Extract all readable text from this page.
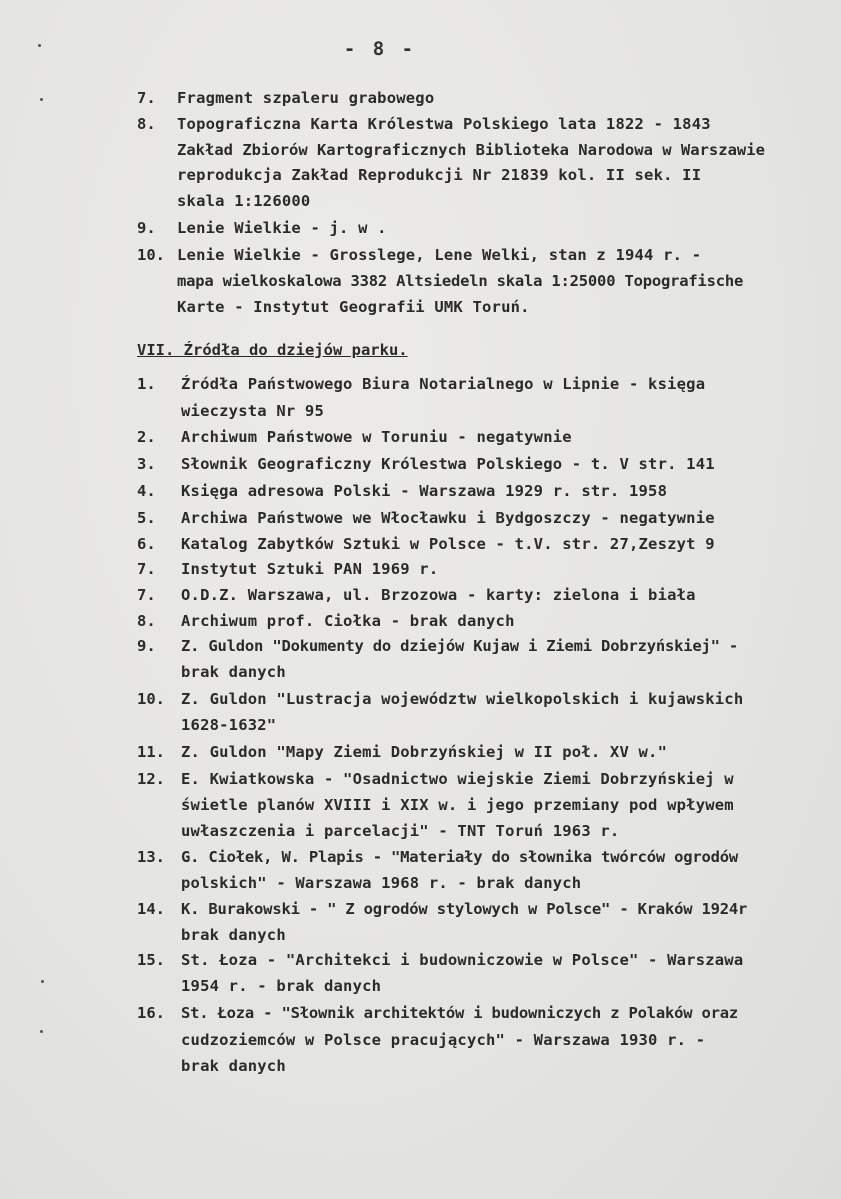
- 8 -
7. Fragment szpaleru grabowego
8. Topograficzna Karta Królestwa Polskiego lata 1822 - 1843
Zakład Zbiorów Kartograficznych Biblioteka Narodowa w Warszawie
reprodukcja Zakład Reprodukcji Nr 21839 kol. II sek. II
skala 1:126000
9. Lenie Wielkie - j. w .
10. Lenie Wielkie - Grosslege, Lene Welki, stan z 1944 r. -
mapa wielkoskalowa 3382 Altsiedeln skala 1:25000 Topografische
Karte - Instytut Geografii UMK Toruń.
VII. Źródła do dziejów parku.
1. Źródła Państwowego Biura Notarialnego w Lipnie - księga
wieczysta Nr 95
2. Archiwum Państwowe w Toruniu - negatywnie
3. Słownik Geograficzny Królestwa Polskiego - t. V str. 141
4. Księga adresowa Polski - Warszawa 1929 r. str. 1958
5. Archiwa Państwowe we Włocławku i Bydgoszczy - negatywnie
6. Katalog Zabytków Sztuki w Polsce - t.V. str. 27,Zeszyt 9
7. Instytut Sztuki PAN 1969 r.
7. O.D.Z. Warszawa, ul. Brzozowa - karty: zielona i biała
8. Archiwum prof. Ciołka - brak danych
9. Z. Guldon "Dokumenty do dziejów Kujaw i Ziemi Dobrzyńskiej" -
brak danych
10. Z. Guldon "Lustracja województw wielkopolskich i kujawskich
1628-1632"
11. Z. Guldon "Mapy Ziemi Dobrzyńskiej w II poł. XV w."
12. E. Kwiatkowska - "Osadnictwo wiejskie Ziemi Dobrzyńskiej w
świetle planów XVIII i XIX w. i jego przemiany pod wpływem
uwłaszczenia i parcelacji" - TNT Toruń 1963 r.
13. G. Ciołek, W. Plapis - "Materiały do słownika twórców ogrodów
polskich" - Warszawa 1968 r. - brak danych
14. K. Burakowski - " Z ogrodów stylowych w Polsce" - Kraków 1924r
brak danych
15. St. Łoza - "Architekci i budowniczowie w Polsce" - Warszawa
1954 r. - brak danych
16. St. Łoza - "Słownik architektów i budowniczych z Polaków oraz
cudzoziemców w Polsce pracujących" - Warszawa 1930 r. -
brak danych
